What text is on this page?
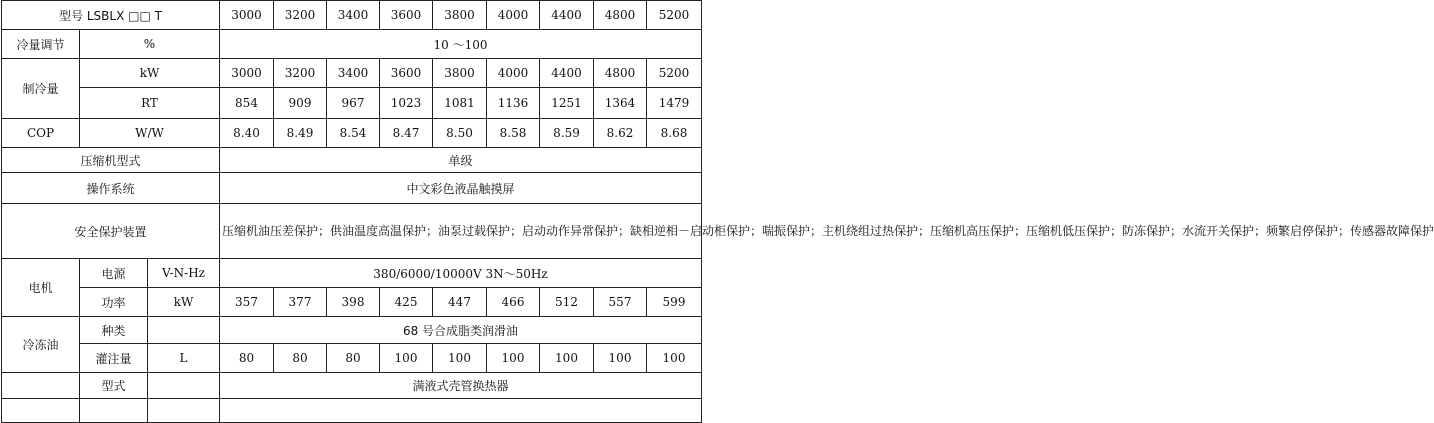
型号 LSBLX □□ T			3000	3200	3400	3600	3800	4000	4400	4800	5200
冷量调节	%		10 ～100								
制冷量	kW		3000	3200	3400	3600	3800	4000	4400	4800	5200
	RT		854	909	967	1023	1081	1136	1251	1364	1479
COP	W/W		8.40	8.49	8.54	8.47	8.50	8.58	8.59	8.62	8.68
压缩机型式			单级								
操作系统			中文彩色液晶触摸屏								
安全保护装置			压缩机油压差保护；供油温度高温保护；油泵过载保护；启动动作异常保护；缺相逆相－启动柜保护；喘振保护；主机绕组过热保护；压缩机高压保护；压缩机低压保护；防冻保护；水流开关保护；频繁启停保护；传感器故障保护								
电机	电源	V-N-Hz	380/6000/10000V 3N～50Hz								
	功率	kW	357	377	398	425	447	466	512	557	599
冷冻油	种类		68 号合成脂类润滑油								
	灌注量	L	80	80	80	100	100	100	100	100	100
	型式		满液式壳管换热器								
